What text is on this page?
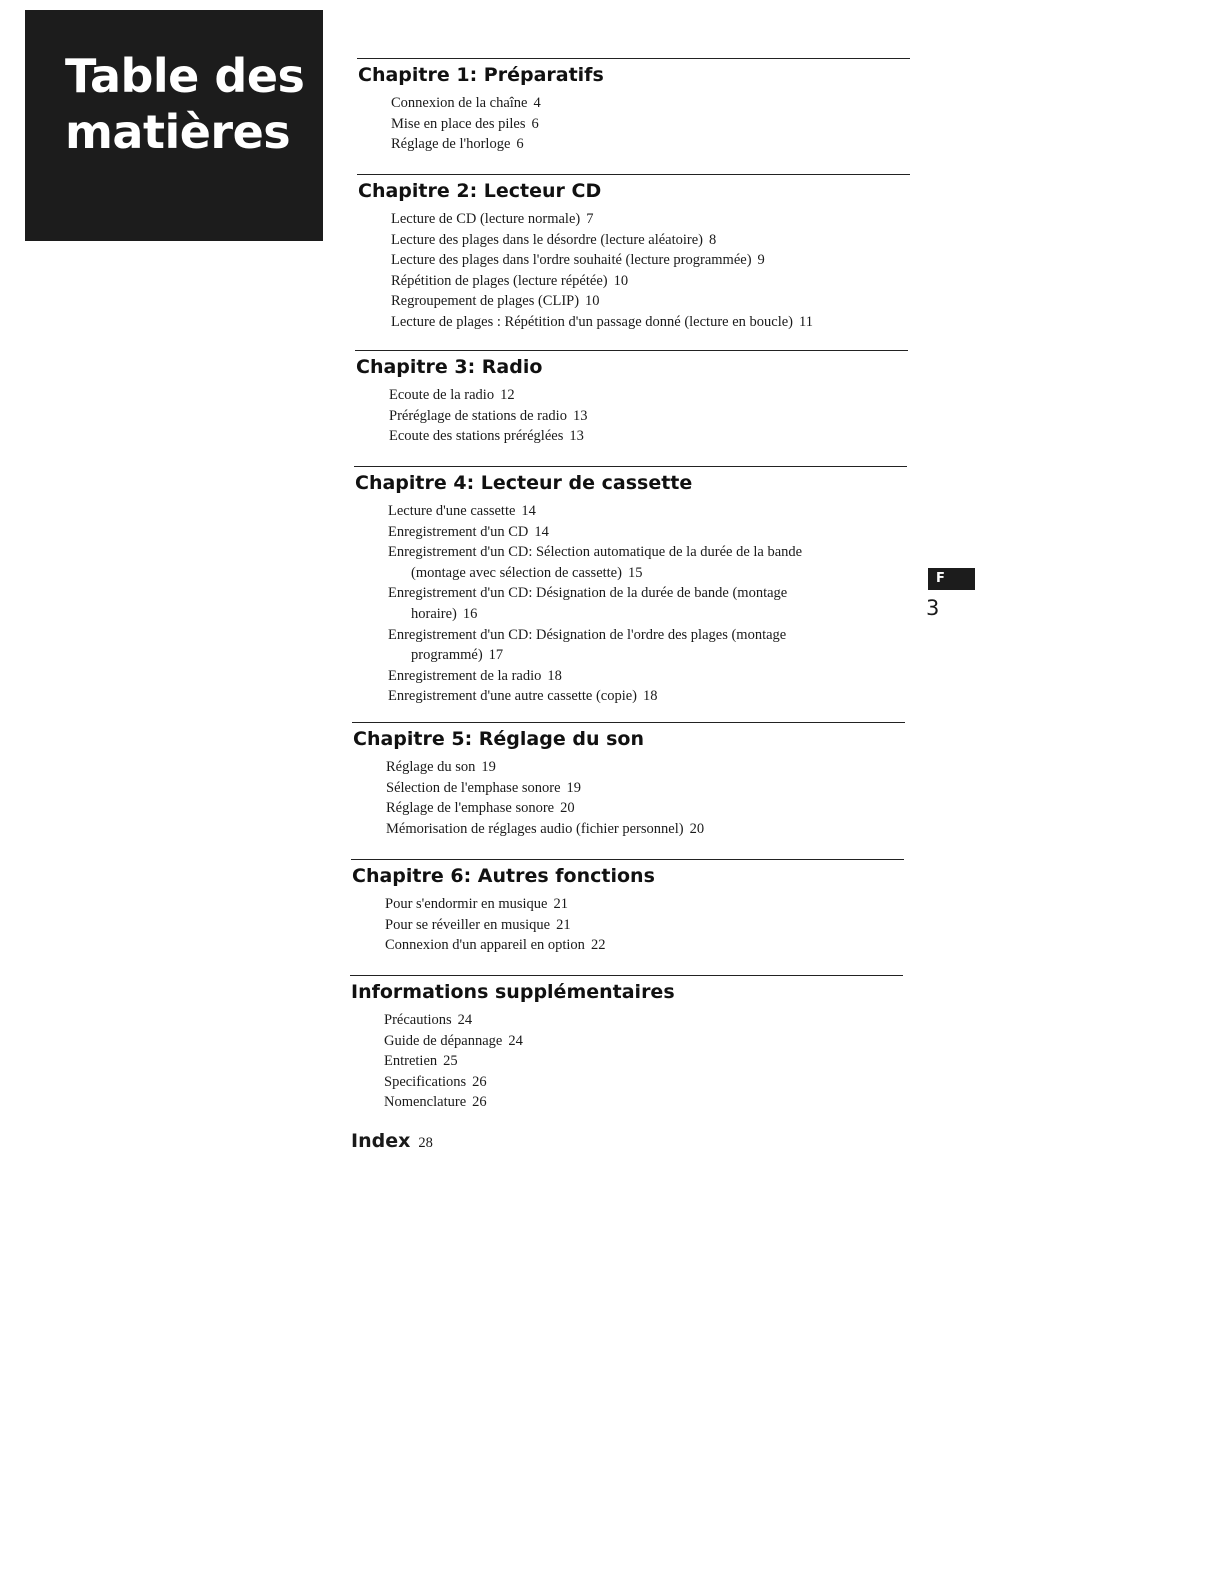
Table des
matières
Chapitre 1: Préparatifs
Connexion de la chaîne 4
Mise en place des piles 6
Réglage de l'horloge 6
Chapitre 2: Lecteur CD
Lecture de CD (lecture normale) 7
Lecture des plages dans le désordre (lecture aléatoire) 8
Lecture des plages dans l'ordre souhaité (lecture programmée) 9
Répétition de plages (lecture répétée) 10
Regroupement de plages (CLIP) 10
Lecture de plages : Répétition d'un passage donné (lecture en boucle) 11
Chapitre 3: Radio
Ecoute de la radio 12
Préréglage de stations de radio 13
Ecoute des stations préréglées 13
Chapitre 4: Lecteur de cassette
Lecture d'une cassette 14
Enregistrement d'un CD 14
Enregistrement d'un CD: Sélection automatique de la durée de la bande
(montage avec sélection de cassette) 15
Enregistrement d'un CD: Désignation de la durée de bande (montage
horaire) 16
Enregistrement d'un CD: Désignation de l'ordre des plages (montage
programmé) 17
Enregistrement de la radio 18
Enregistrement d'une autre cassette (copie) 18
Chapitre 5: Réglage du son
Réglage du son 19
Sélection de l'emphase sonore 19
Réglage de l'emphase sonore 20
Mémorisation de réglages audio (fichier personnel) 20
Chapitre 6: Autres fonctions
Pour s'endormir en musique 21
Pour se réveiller en musique 21
Connexion d'un appareil en option 22
Informations supplémentaires
Précautions 24
Guide de dépannage 24
Entretien 25
Specifications 26
Nomenclature 26
Index 28
F
3
